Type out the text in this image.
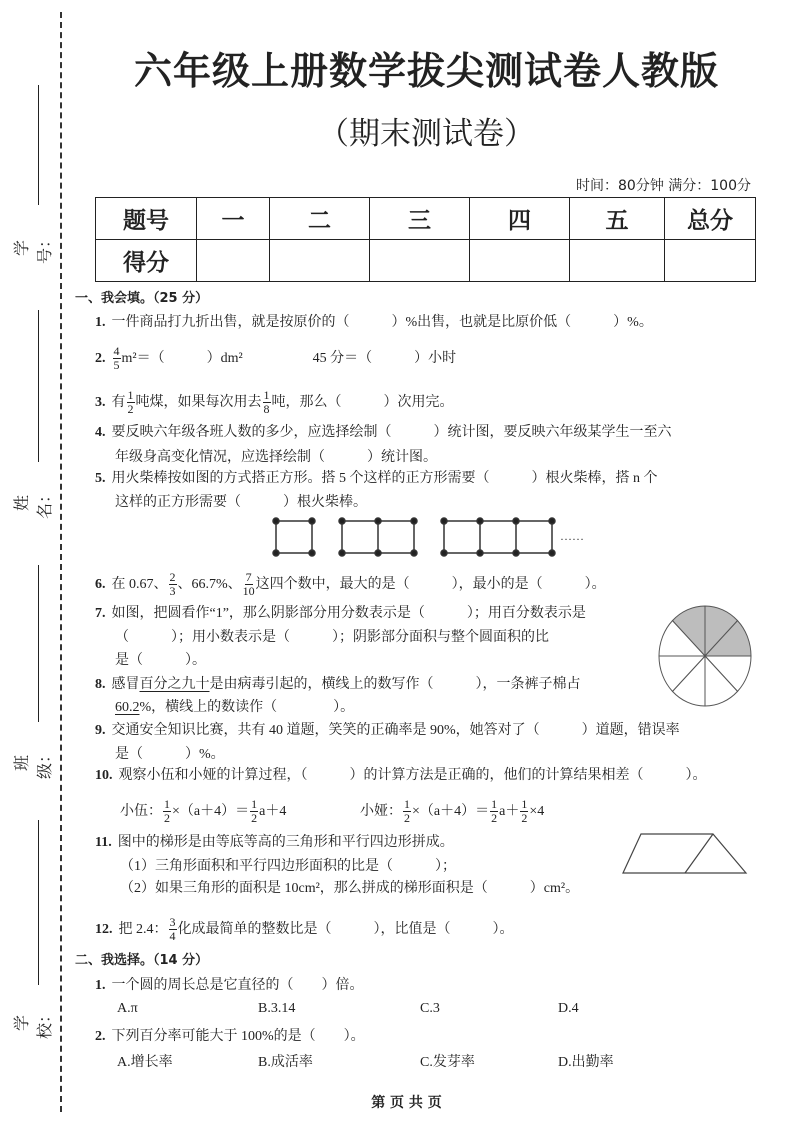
学号：
姓名：
班级：
学校：
六年级上册数学拔尖测试卷人教版
（期末测试卷）
时间：80分钟 满分：100分
题号	一	二	三	四	五	总分
得分						
一、我会填。（25 分）
1. 一件商品打九折出售，就是按原价的（　　　）%出售，也就是比原价低（　　　）%。
2. $\frac{4}{5} m^2=$（　　　）dm²　　　　　45 分＝（　　　）小时
3. 有 $\frac{1}{2}$ 吨煤，如果每次用去 $\frac{1}{8}$ 吨，那么（　　　）次用完。
4. 要反映六年级各班人数的多少，应选择绘制（　　　）统计图，要反映六年级某学生一至六
年级身高变化情况，应选择绘制（　　　）统计图。
5. 用火柴棒按如图的方式搭正方形。搭 5 个这样的正方形需要（　　　）根火柴棒，搭 n 个
这样的正方形需要（　　　）根火柴棒。
6. 在 0.67、 $\frac{2}{3}$ 、66.7%、 $\frac{7}{10}$ 这四个数中，最大的是（　　　），最小的是（　　　）。
7. 如图，把圆看作“1”，那么阴影部分用分数表示是（　　　）；用百分数表示是
（　　　）；用小数表示是（　　　）；阴影部分面积与整个圆面积的比
是（　　　）。
8. 感冒 百分之九十 是由病毒引起的，横线上的数写作（　　　），一条裤子棉占
60.2 %，横线上的数读作（　　　　）。
9. 交通安全知识比赛，共有 40 道题，笑笑的正确率是 90%，她答对了（　　　）道题，错误率
是（　　　）%。
10. 观察小伍和小娅的计算过程，（　　　）的计算方法是正确的，他们的计算结果相差（　　　）。
小伍： $\frac{1}{2} \times(a+4)= \frac{1}{2} a+4$	小娅： $\frac{1}{2} \times(a+4)= \frac{1}{2} a+ \frac{1}{2} \times 4$
11. 图中的梯形是由等底等高的三角形和平行四边形拼成。
（1）三角形面积和平行四边形面积的比是（　　　）；
（2）如果三角形的面积是 10cm²，那么拼成的梯形面积是（　　　）cm²。
12. 把 2.4： $\frac{3}{4}$ 化成最简单的整数比是（　　　），比值是（　　　）。
二、我选择。（14 分）
1. 一个圆的周长总是它直径的（　　）倍。
2. 下列百分率可能大于 100%的是（　　）。
……
A.π	B.3.14	C.3	D.4
A.增长率	B.成活率	C.发芽率	D.出勤率
第 页 共 页
